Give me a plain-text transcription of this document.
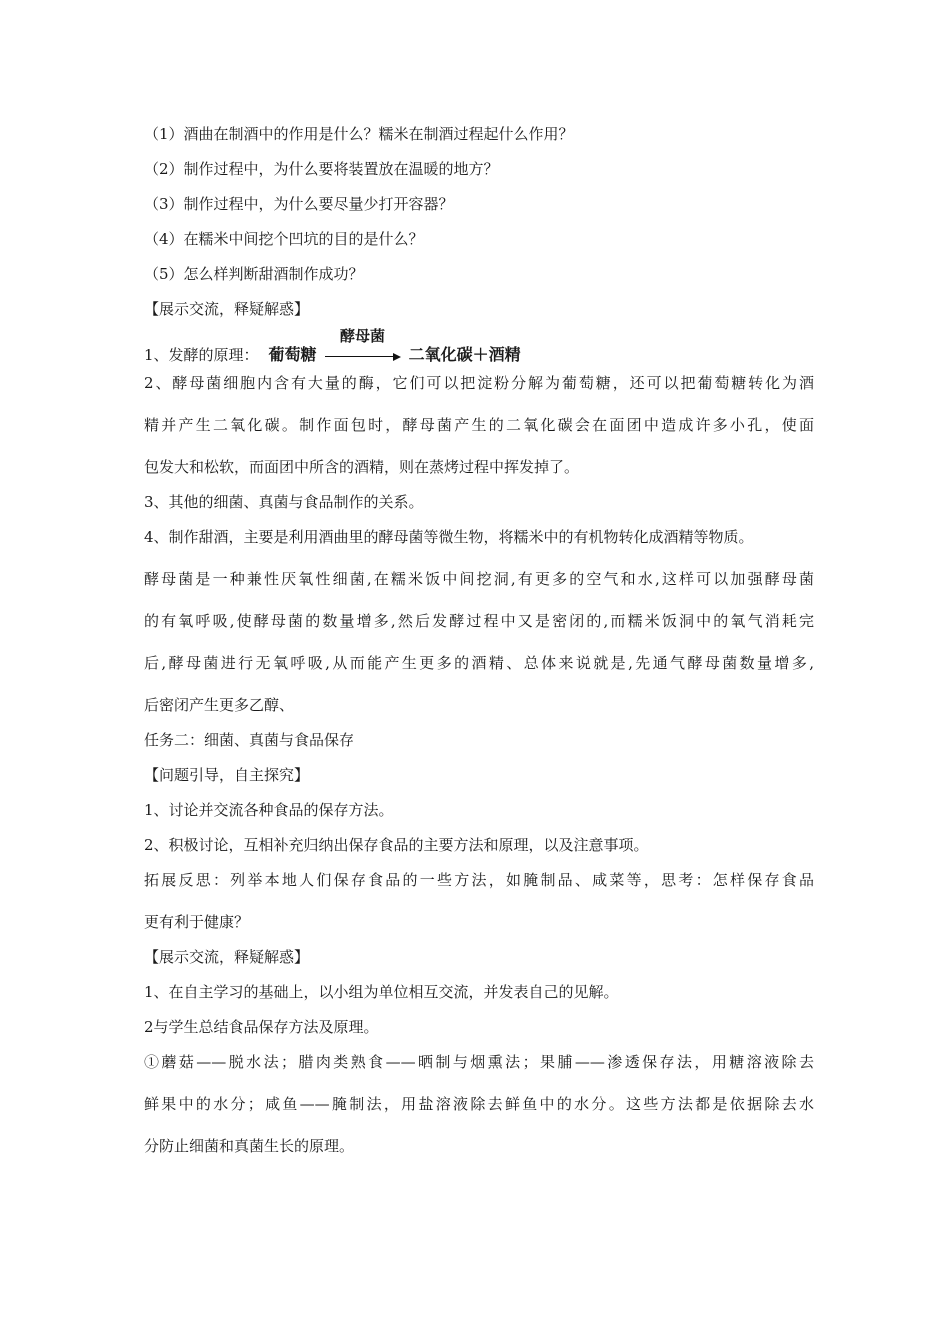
（1）酒曲在制酒中的作用是什么？糯米在制酒过程起什么作用？

（2）制作过程中，为什么要将装置放在温暖的地方？

（3）制作过程中，为什么要尽量少打开容器？

（4）在糯米中间挖个凹坑的目的是什么？

（5）怎么样判断甜酒制作成功？

【展示交流，释疑解惑】

1、发酵的原理： 葡萄糖
酵母菌
二氧化碳＋酒精

2、酵母菌细胞内含有大量的酶，它们可以把淀粉分解为葡萄糖，还可以把葡萄糖转化为酒

精并产生二氧化碳。制作面包时，酵母菌产生的二氧化碳会在面团中造成许多小孔，使面

包发大和松软，而面团中所含的酒精，则在蒸烤过程中挥发掉了。

3、其他的细菌、真菌与食品制作的关系。

4、制作甜酒，主要是利用酒曲里的酵母菌等微生物，将糯米中的有机物转化成酒精等物质。

酵母菌是一种兼性厌氧性细菌,在糯米饭中间挖洞,有更多的空气和水,这样可以加强酵母菌

的有氧呼吸,使酵母菌的数量增多,然后发酵过程中又是密闭的,而糯米饭洞中的氧气消耗完

后,酵母菌进行无氧呼吸,从而能产生更多的酒精、总体来说就是,先通气酵母菌数量增多,

后密闭产生更多乙醇、

任务二：细菌、真菌与食品保存

【问题引导，自主探究】

1、讨论并交流各种食品的保存方法。

2、积极讨论，互相补充归纳出保存食品的主要方法和原理，以及注意事项。

拓展反思：列举本地人们保存食品的一些方法，如腌制品、咸菜等，思考：怎样保存食品

更有利于健康？

【展示交流，释疑解惑】

1、在自主学习的基础上，以小组为单位相互交流，并发表自己的见解。

2与学生总结食品保存方法及原理。

①蘑菇——脱水法；腊肉类熟食——晒制与烟熏法；果脯——渗透保存法，用糖溶液除去

鲜果中的水分；咸鱼——腌制法，用盐溶液除去鲜鱼中的水分。这些方法都是依据除去水

分防止细菌和真菌生长的原理。
